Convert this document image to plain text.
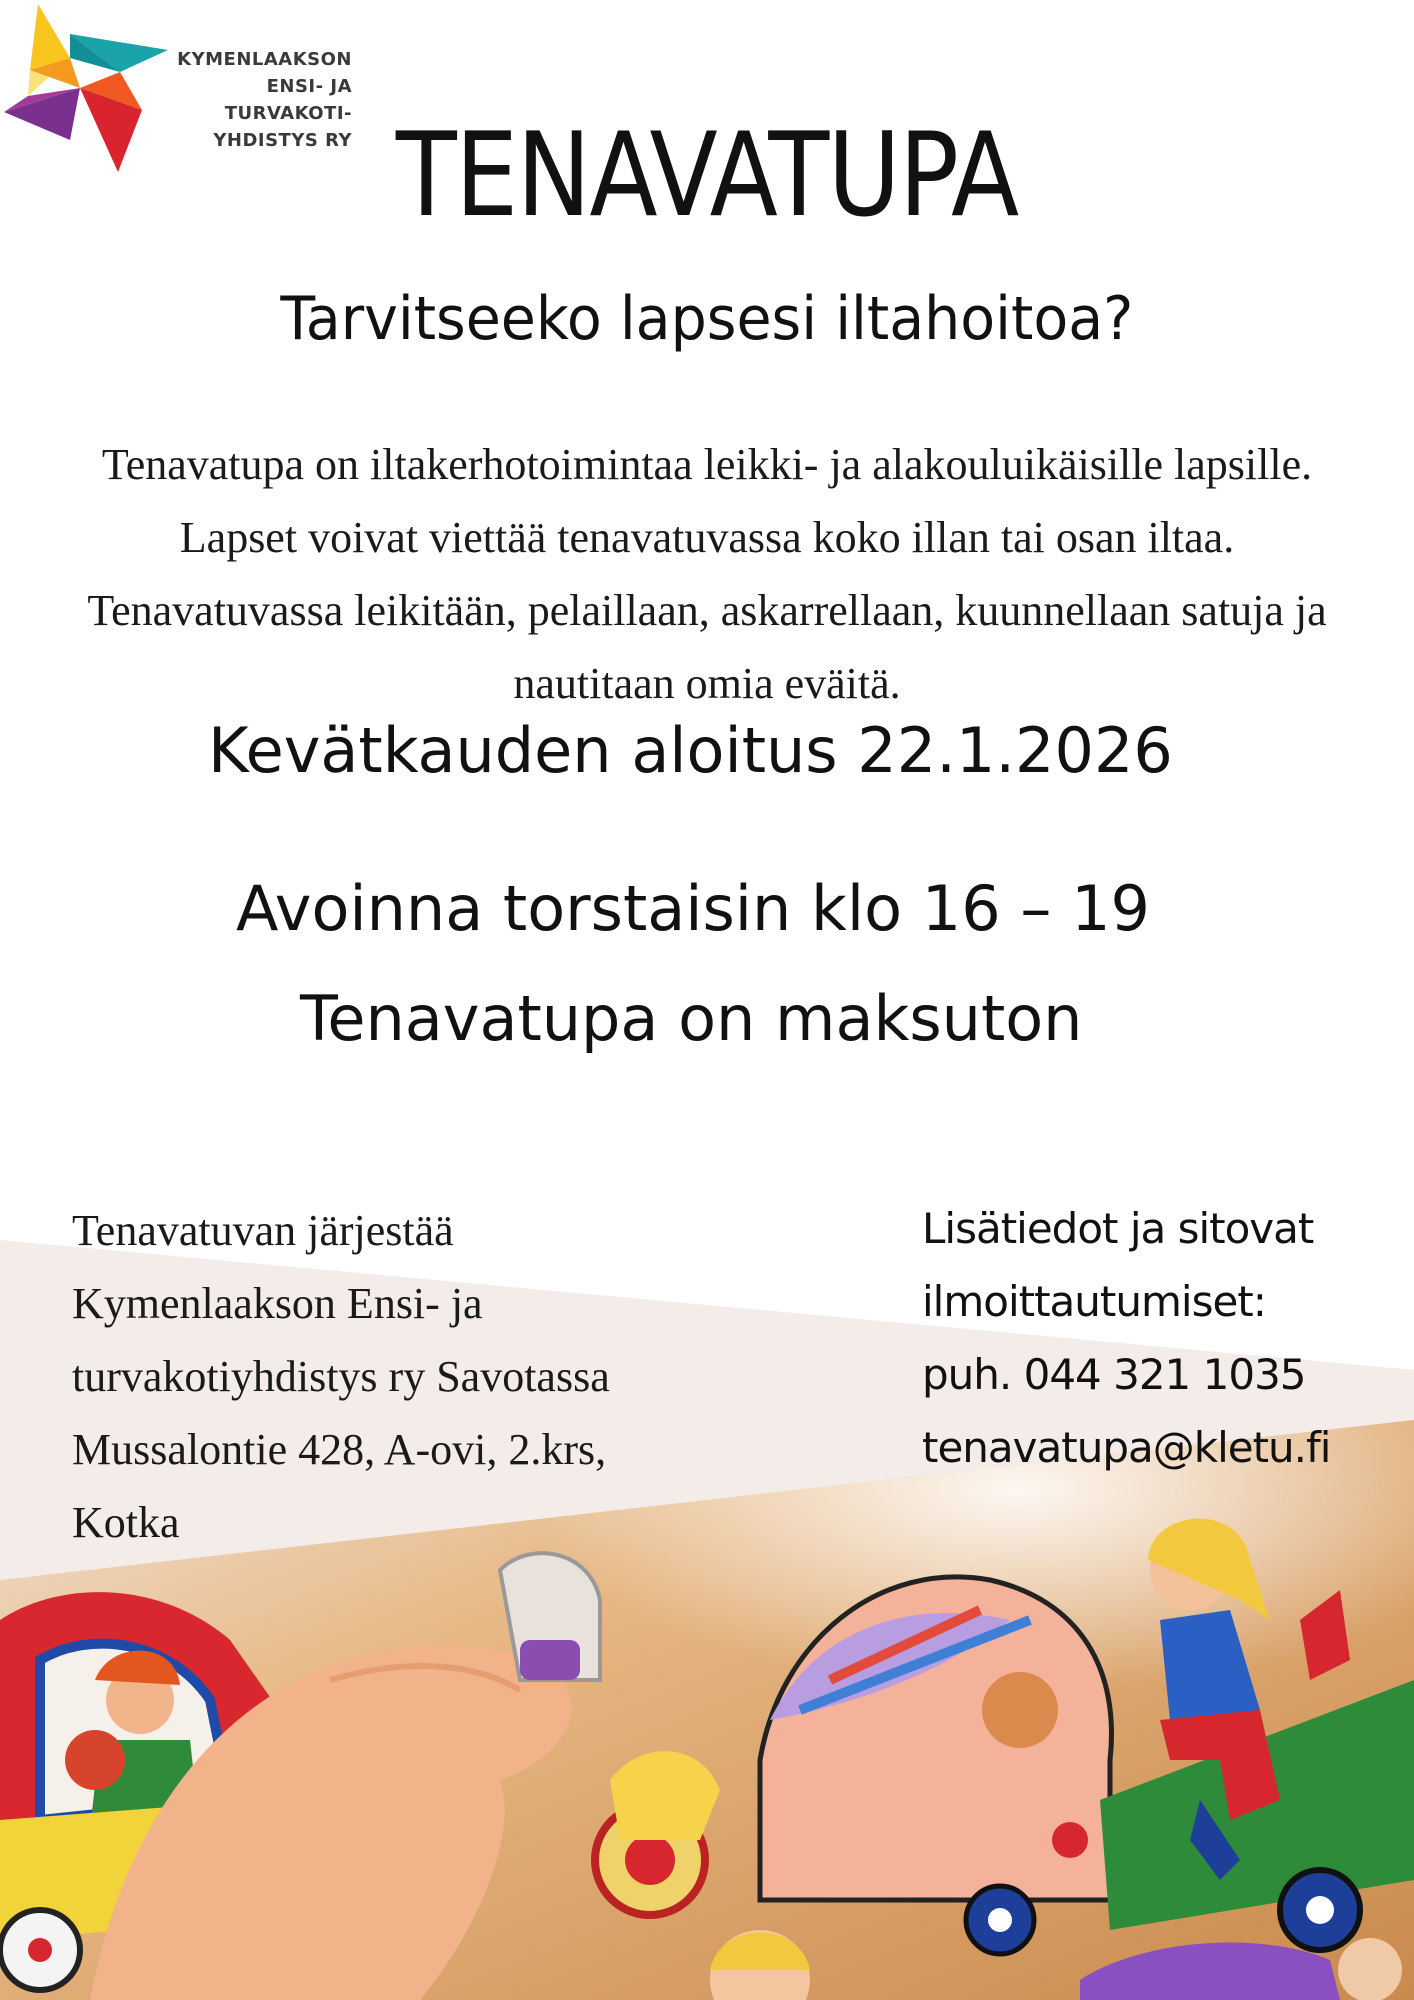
KYMENLAAKSON
ENSI- JA TURVAKOTI-
YHDISTYS RY TENAVATUPA
Tarvitseeko lapsesi iltahoitoa?
Tenavatupa on iltakerhotoimintaa leikki- ja alakouluikäisille lapsille. Lapset voivat viettää tenavatuvassa koko illan tai osan iltaa. Tenavatuvassa leikitään, pelaillaan, askarrellaan, kuunnellaan satuja ja nautitaan omia eväitä.
Kevätkauden aloitus 22.1.2026
Avoinna torstaisin klo 16 – 19
Tenavatupa on maksuton
Tenavatuvan järjestää
Kymenlaakson Ensi- ja
turvakotiyhdistys ry Savotassa
Mussalontie 428, A-ovi, 2.krs,
Kotka
Lisätiedot ja sitovat
ilmoittautumiset:
puh. 044 321 1035
tenavatupa@kletu.fi
